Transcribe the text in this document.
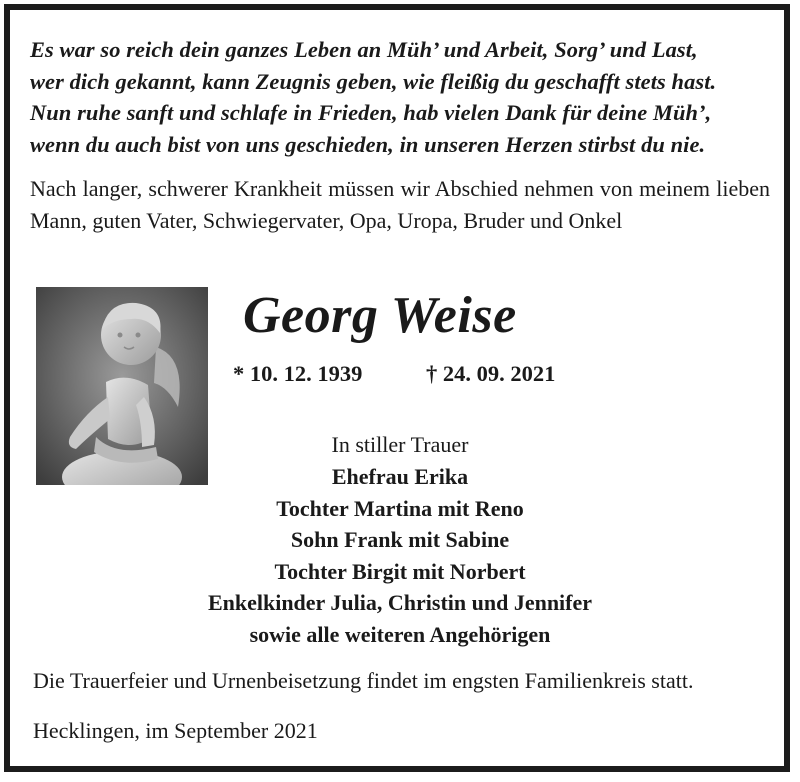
Es war so reich dein ganzes Leben an Müh’ und Arbeit, Sorg’ und Last,
wer dich gekannt, kann Zeugnis geben, wie fleißig du geschafft stets hast.
Nun ruhe sanft und schlafe in Frieden, hab vielen Dank für deine Müh’,
wenn du auch bist von uns geschieden, in unseren Herzen stirbst du nie.
Nach langer, schwerer Krankheit müssen wir Abschied nehmen von meinem lieben Mann, guten Vater, Schwiegervater, Opa, Uropa, Bruder und Onkel
Georg Weise
* 10. 12. 1939	† 24. 09. 2021
In stiller Trauer
Ehefrau Erika
Tochter Martina mit Reno
Sohn Frank mit Sabine
Tochter Birgit mit Norbert
Enkelkinder Julia, Christin und Jennifer
sowie alle weiteren Angehörigen
Die Trauerfeier und Urnenbeisetzung findet im engsten Familienkreis statt.
Hecklingen, im September 2021
